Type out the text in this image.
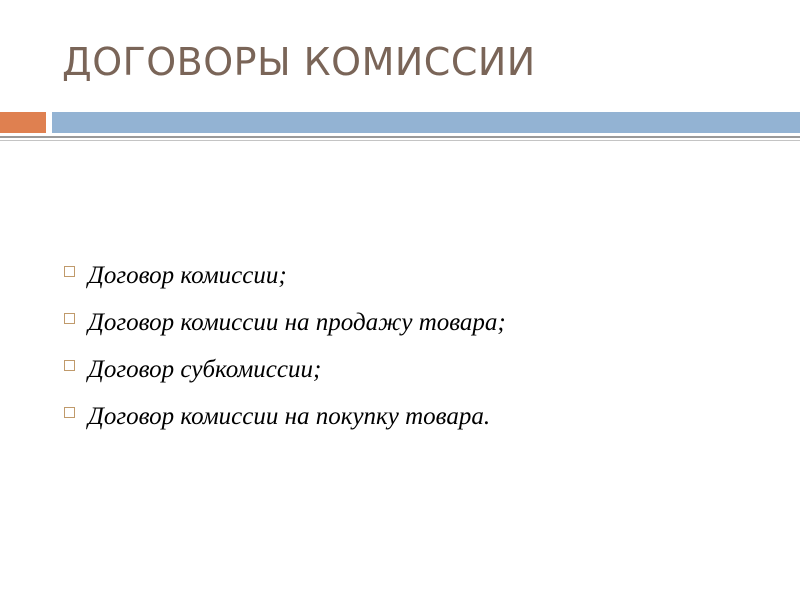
ДОГОВОРЫ КОМИССИИ
Договор комиссии;
Договор комиссии на продажу товара;
Договор субкомиссии;
Договор комиссии на покупку товара.
